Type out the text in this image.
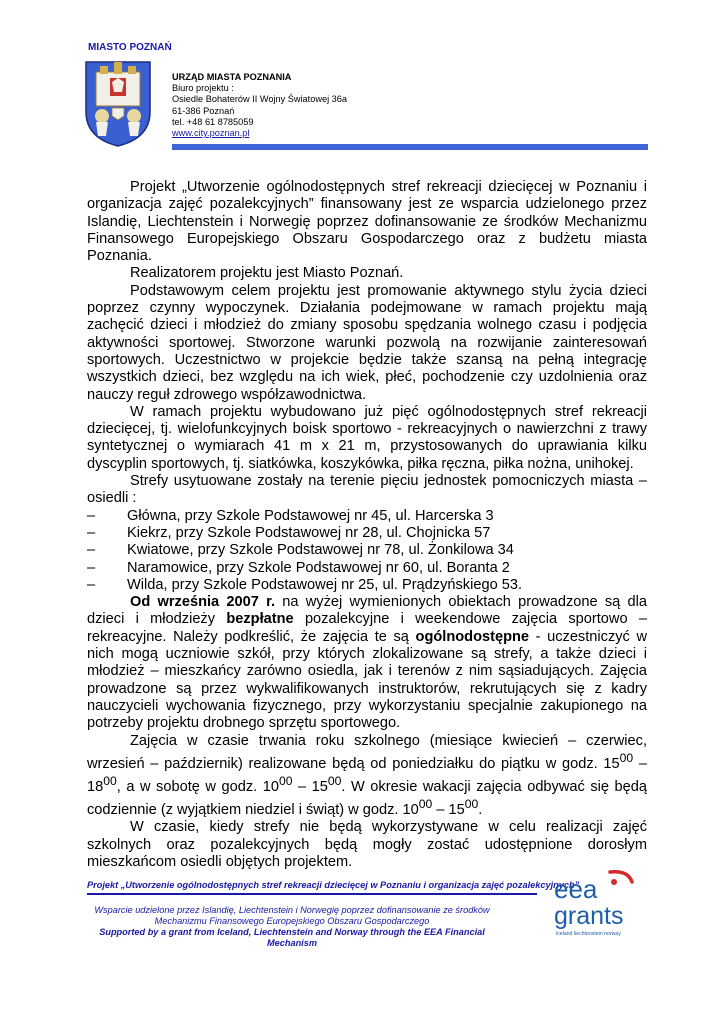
MIASTO POZNAŃ
URZĄD MIASTA POZNANIA
Biuro projektu :
Osiedle Bohaterów II Wojny Światowej 36a
61-386 Poznań
tel. +48 61 8785059
www.city.poznan.pl

Projekt „Utworzenie ogólnodostępnych stref rekreacji dziecięcej w Poznaniu i organizacja zajęć pozalekcyjnych” finansowany jest ze wsparcia udzielonego przez Islandię, Liechtenstein i Norwegię poprzez dofinansowanie ze środków Mechanizmu Finansowego Europejskiego Obszaru Gospodarczego oraz z budżetu miasta Poznania.

Realizatorem projektu jest Miasto Poznań.

Podstawowym celem projektu jest promowanie aktywnego stylu życia dzieci poprzez czynny wypoczynek. Działania podejmowane w ramach projektu mają zachęcić dzieci i młodzież do zmiany sposobu spędzania wolnego czasu i podjęcia aktywności sportowej. Stworzone warunki pozwolą na rozwijanie zainteresowań sportowych. Uczestnictwo w projekcie będzie także szansą na pełną integrację wszystkich dzieci, bez względu na ich wiek, płeć, pochodzenie czy uzdolnienia oraz nauczy reguł zdrowego współzawodnictwa.

W ramach projektu wybudowano już pięć ogólnodostępnych stref rekreacji dziecięcej, tj. wielofunkcyjnych boisk sportowo - rekreacyjnych o nawierzchni z trawy syntetycznej o wymiarach 41 m x 21 m, przystosowanych do uprawiania kilku dyscyplin sportowych, tj. siatkówka, koszykówka, piłka ręczna, piłka nożna, unihokej.

Strefy usytuowane zostały na terenie pięciu jednostek pomocniczych miasta – osiedli :

– Główna, przy Szkole Podstawowej nr 45, ul. Harcerska 3
– Kiekrz, przy Szkole Podstawowej nr 28, ul. Chojnicka 57
– Kwiatowe, przy Szkole Podstawowej nr 78, ul. Żonkilowa 34
– Naramowice, przy Szkole Podstawowej nr 60, ul. Boranta 2
– Wilda, przy Szkole Podstawowej nr 25, ul. Prądzyńskiego 53.

Od września 2007 r. na wyżej wymienionych obiektach prowadzone są dla dzieci i młodzieży bezpłatne pozalekcyjne i weekendowe zajęcia sportowo – rekreacyjne. Należy podkreślić, że zajęcia te są ogólnodostępne - uczestniczyć w nich mogą uczniowie szkół, przy których zlokalizowane są strefy, a także dzieci i młodzież – mieszkańcy zarówno osiedla, jak i terenów z nim sąsiadujących. Zajęcia prowadzone są przez wykwalifikowanych instruktorów, rekrutujących się z kadry nauczycieli wychowania fizycznego, przy wykorzystaniu specjalnie zakupionego na potrzeby projektu drobnego sprzętu sportowego.

Zajęcia w czasie trwania roku szkolnego (miesiące kwiecień – czerwiec, wrzesień – październik) realizowane będą od poniedziałku do piątku w godz. $15^{00} - 18^{00}$, a w sobotę w godz. $10^{00} - 15^{00}$. W okresie wakacji zajęcia odbywać się będą codziennie (z wyjątkiem niedziel i świąt) w godz. $10^{00} - 15^{00}$.

W czasie, kiedy strefy nie będą wykorzystywane w celu realizacji zajęć szkolnych oraz pozalekcyjnych będą mogły zostać udostępnione dorosłym mieszkańcom osiedli objętych projektem.

Projekt „Utworzenie ogólnodostępnych stref rekreacji dziecięcej w Poznaniu i organizacja zajęć pozalekcyjnych”
Wsparcie udzielone przez Islandię, Liechtenstein i Norwegię poprzez dofinansowanie ze środków Mechanizmu Finansowego Europejskiego Obszaru Gospodarczego
Supported by a grant from Iceland, Liechtenstein and Norway through the EEA Financial Mechanism
eea
grants
iceland liechtenstein norway
